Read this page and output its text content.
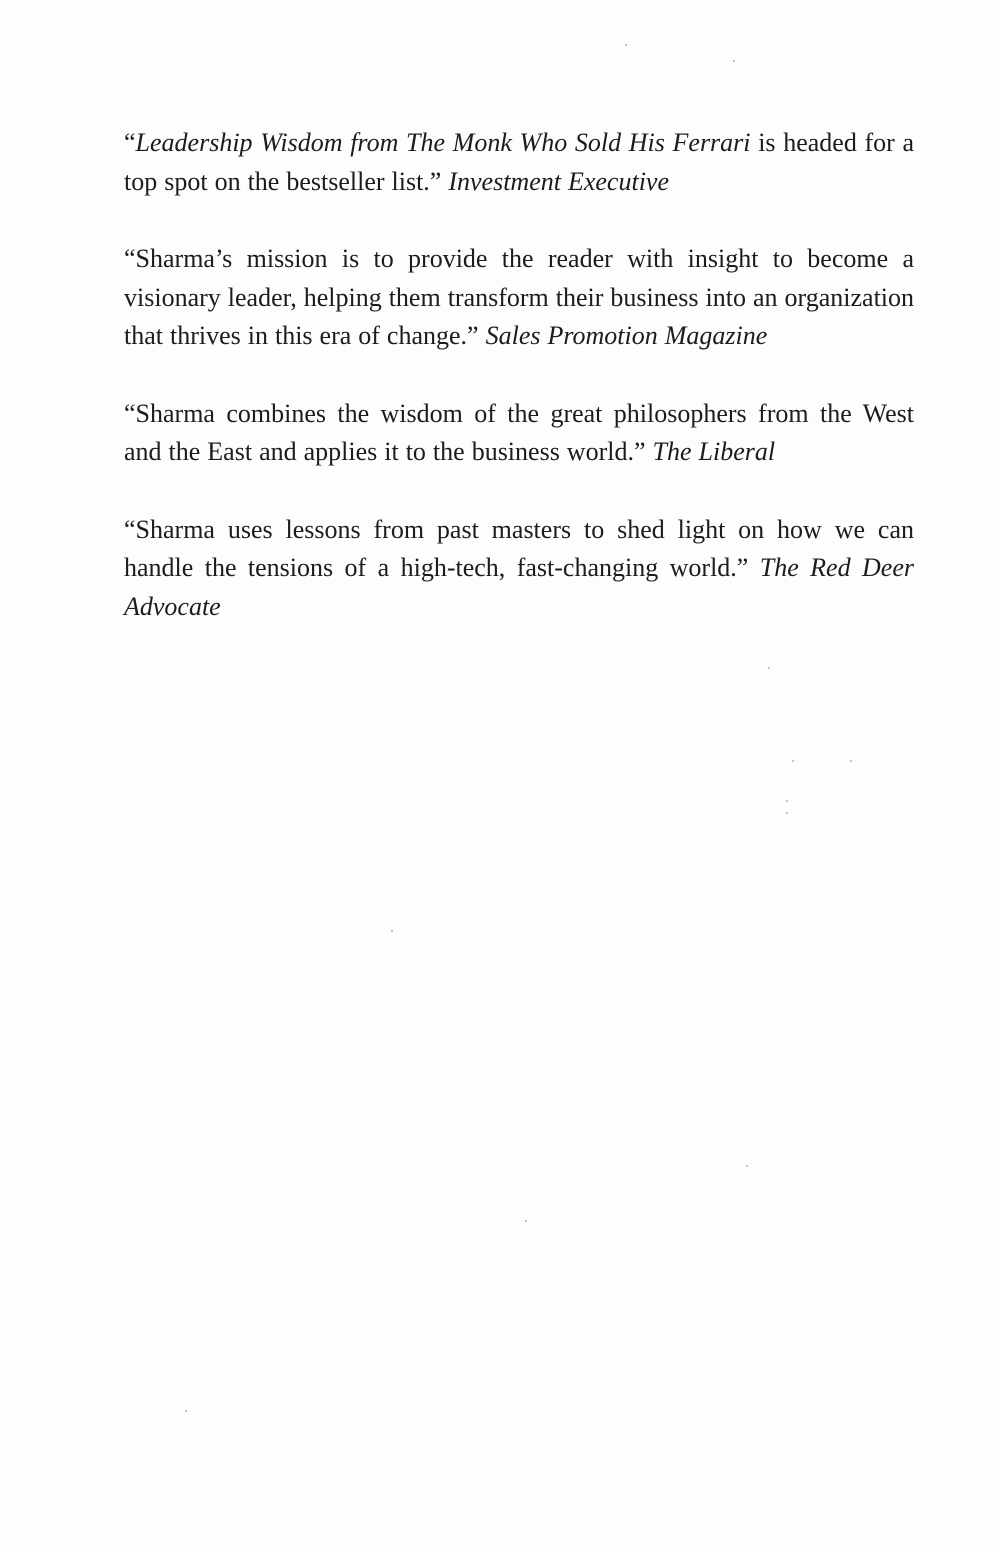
“Leadership Wisdom from The Monk Who Sold His Ferrari is headed for a top spot on the bestseller list.” Investment Executive

“Sharma’s mission is to provide the reader with insight to become a visionary leader, helping them transform their business into an organization that thrives in this era of change.” Sales Promotion Magazine

“Sharma combines the wisdom of the great philosophers from the West and the East and applies it to the business world.” The Liberal

“Sharma uses lessons from past masters to shed light on how we can handle the tensions of a high-tech, fast-changing world.” The Red Deer Advocate
